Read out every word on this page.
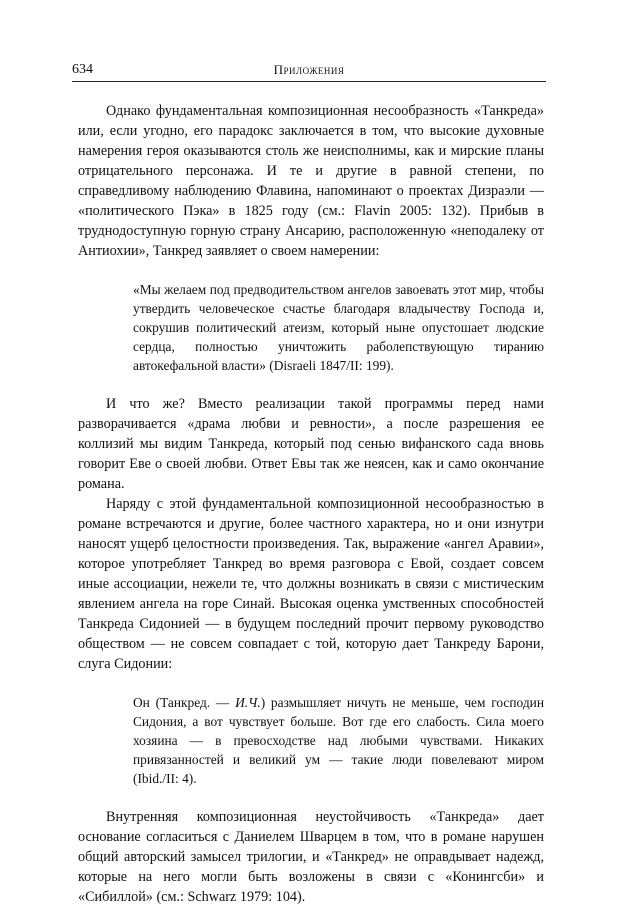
634	Приложения

Однако фундаментальная композиционная несообразность «Танкреда» или, если угодно, его парадокс заключается в том, что высокие духовные намерения героя оказываются столь же неисполнимы, как и мирские планы отрицательного персонажа. И те и другие в равной степени, по справедливому наблюдению Флавина, напоминают о проектах Дизраэли — «политического Пэка» в 1825 году (см.: Flavin 2005: 132). Прибыв в труднодоступную горную страну Ансарию, расположенную «неподалеку от Антиохии», Танкред заявляет о своем намерении:

«Мы желаем под предводительством ангелов завоевать этот мир, чтобы утвердить человеческое счастье благодаря владычеству Господа и, сокрушив политический атеизм, который ныне опустошает людские сердца, полностью уничтожить раболепствующую тиранию автокефальной власти» (Disraeli 1847/II: 199).

И что же? Вместо реализации такой программы перед нами разворачивается «драма любви и ревности», а после разрешения ее коллизий мы видим Танкреда, который под сенью вифанского сада вновь говорит Еве о своей любви. Ответ Евы так же неясен, как и само окончание романа.

Наряду с этой фундаментальной композиционной несообразностью в романе встречаются и другие, более частного характера, но и они изнутри наносят ущерб целостности произведения. Так, выражение «ангел Аравии», которое употребляет Танкред во время разговора с Евой, создает совсем иные ассоциации, нежели те, что должны возникать в связи с мистическим явлением ангела на горе Синай. Высокая оценка умственных способностей Танкреда Сидонией — в будущем последний прочит первому руководство обществом — не совсем совпадает с той, которую дает Танкреду Барони, слуга Сидонии:

Он (Танкред. — И.Ч.) размышляет ничуть не меньше, чем господин Сидония, а вот чувствует больше. Вот где его слабость. Сила моего хозяина — в превосходстве над любыми чувствами. Никаких привязанностей и великий ум — такие люди повелевают миром (Ibid./II: 4).

Внутренняя композиционная неустойчивость «Танкреда» дает основание согласиться с Даниелем Шварцем в том, что в романе нарушен общий авторский замысел трилогии, и «Танкред» не оправдывает надежд, которые на него могли быть возложены в связи с «Конингсби» и «Сибиллой» (см.: Schwarz 1979: 104).
